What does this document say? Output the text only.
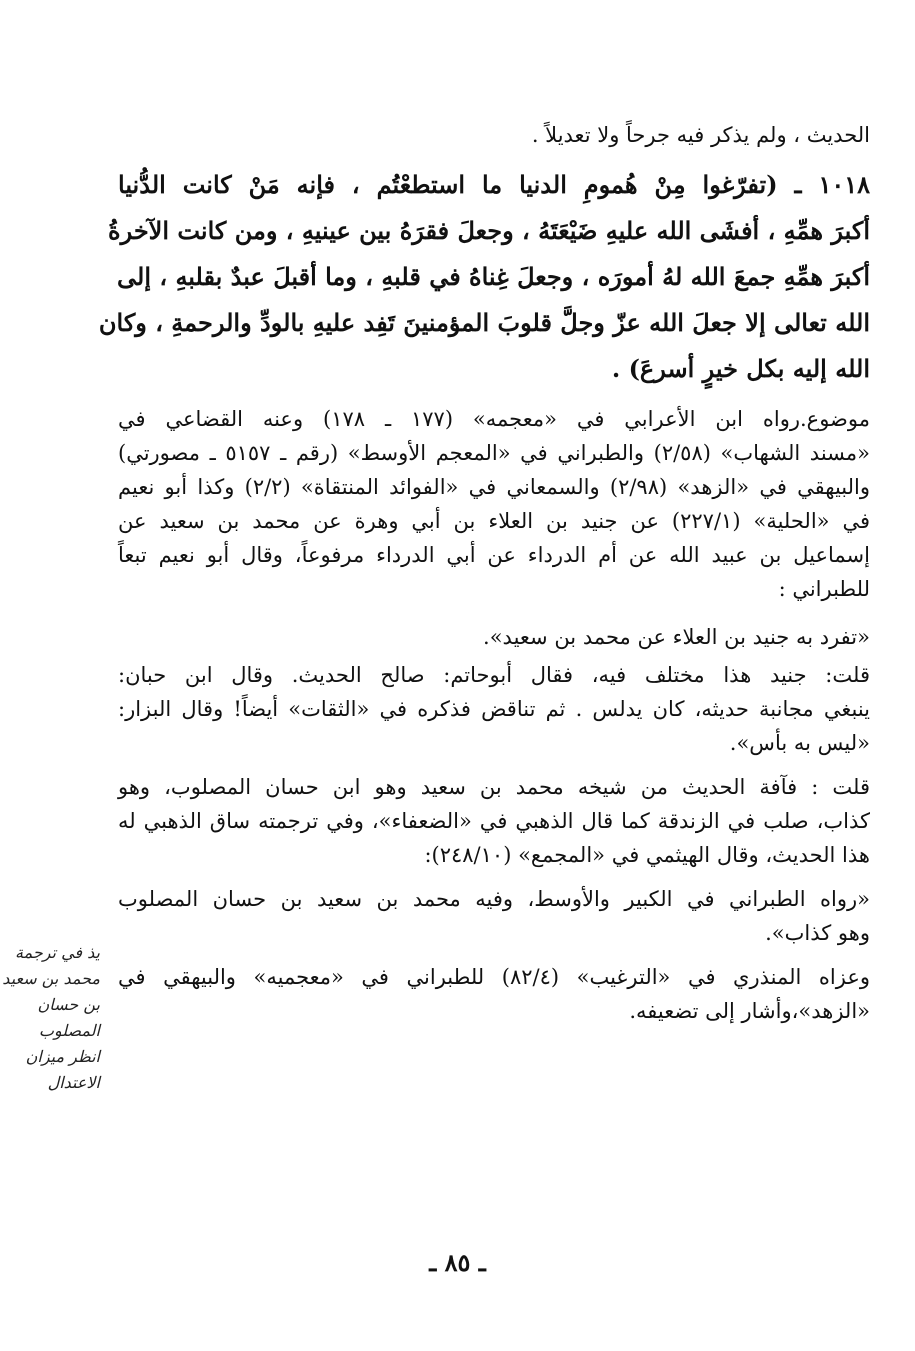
الحديث ، ولم يذكر فيه جرحاً ولا تعديلاً .
١٠١٨ ـ (تفرّغوا مِنْ هُمومِ الدنيا ما استطعْتُم ، فإنه مَنْ كانت الدُّنيا
أكبرَ همِّهِ ، أفشَى الله عليهِ ضَيْعَتَهُ ، وجعلَ فقرَهُ بين عينيهِ ، ومن كانت الآخرةُ
أكبرَ همِّهِ جمعَ الله لهُ أمورَه ، وجعلَ غِناهُ في قلبهِ ، وما أقبلَ عبدٌ بقلبهِ ، إلى
الله تعالى إلا جعلَ الله عزّ وجلَّ قلوبَ المؤمنينَ تَفِد عليهِ بالودِّ والرحمةِ ، وكان
الله إليه بكل خيرٍ أسرعَ) .
موضوع.رواه ابن الأعرابي في «معجمه» (١٧٧ ـ ١٧٨) وعنه القضاعي في
«مسند الشهاب» (٢/٥٨) والطبراني في «المعجم الأوسط» (رقم ـ ٥١٥٧ ـ مصورتي)
والبيهقي في «الزهد» (٢/٩٨) والسمعاني في «الفوائد المنتقاة» (٢/٢) وكذا أبو نعيم
في «الحلية» (٢٢٧/١) عن جنيد بن العلاء بن أبي وهرة عن محمد بن سعيد عن
إسماعيل بن عبيد الله عن أم الدرداء عن أبي الدرداء مرفوعاً، وقال أبو نعيم تبعاً
للطبراني :
«تفرد به جنيد بن العلاء عن محمد بن سعيد».
قلت: جنيد هذا مختلف فيه، فقال أبوحاتم: صالح الحديث. وقال ابن حبان:
ينبغي مجانبة حديثه، كان يدلس . ثم تناقض فذكره في «الثقات» أيضاً! وقال البزار:
«ليس به بأس».
قلت : فآفة الحديث من شيخه محمد بن سعيد وهو ابن حسان المصلوب، وهو
كذاب، صلب في الزندقة كما قال الذهبي في «الضعفاء»، وفي ترجمته ساق الذهبي له
هذا الحديث، وقال الهيثمي في «المجمع» (٢٤٨/١٠):
«رواه الطبراني في الكبير والأوسط، وفيه محمد بن سعيد بن حسان المصلوب
وهو كذاب».
وعزاه المنذري في «الترغيب» (٨٢/٤) للطبراني في «معجميه» والبيهقي في
«الزهد»،وأشار إلى تضعيفه.
ـ ٨٥ ـ
يذ في ترجمة
محمد بن سعيد
بن حسان
المصلوب
انظر ميزان
الاعتدال
